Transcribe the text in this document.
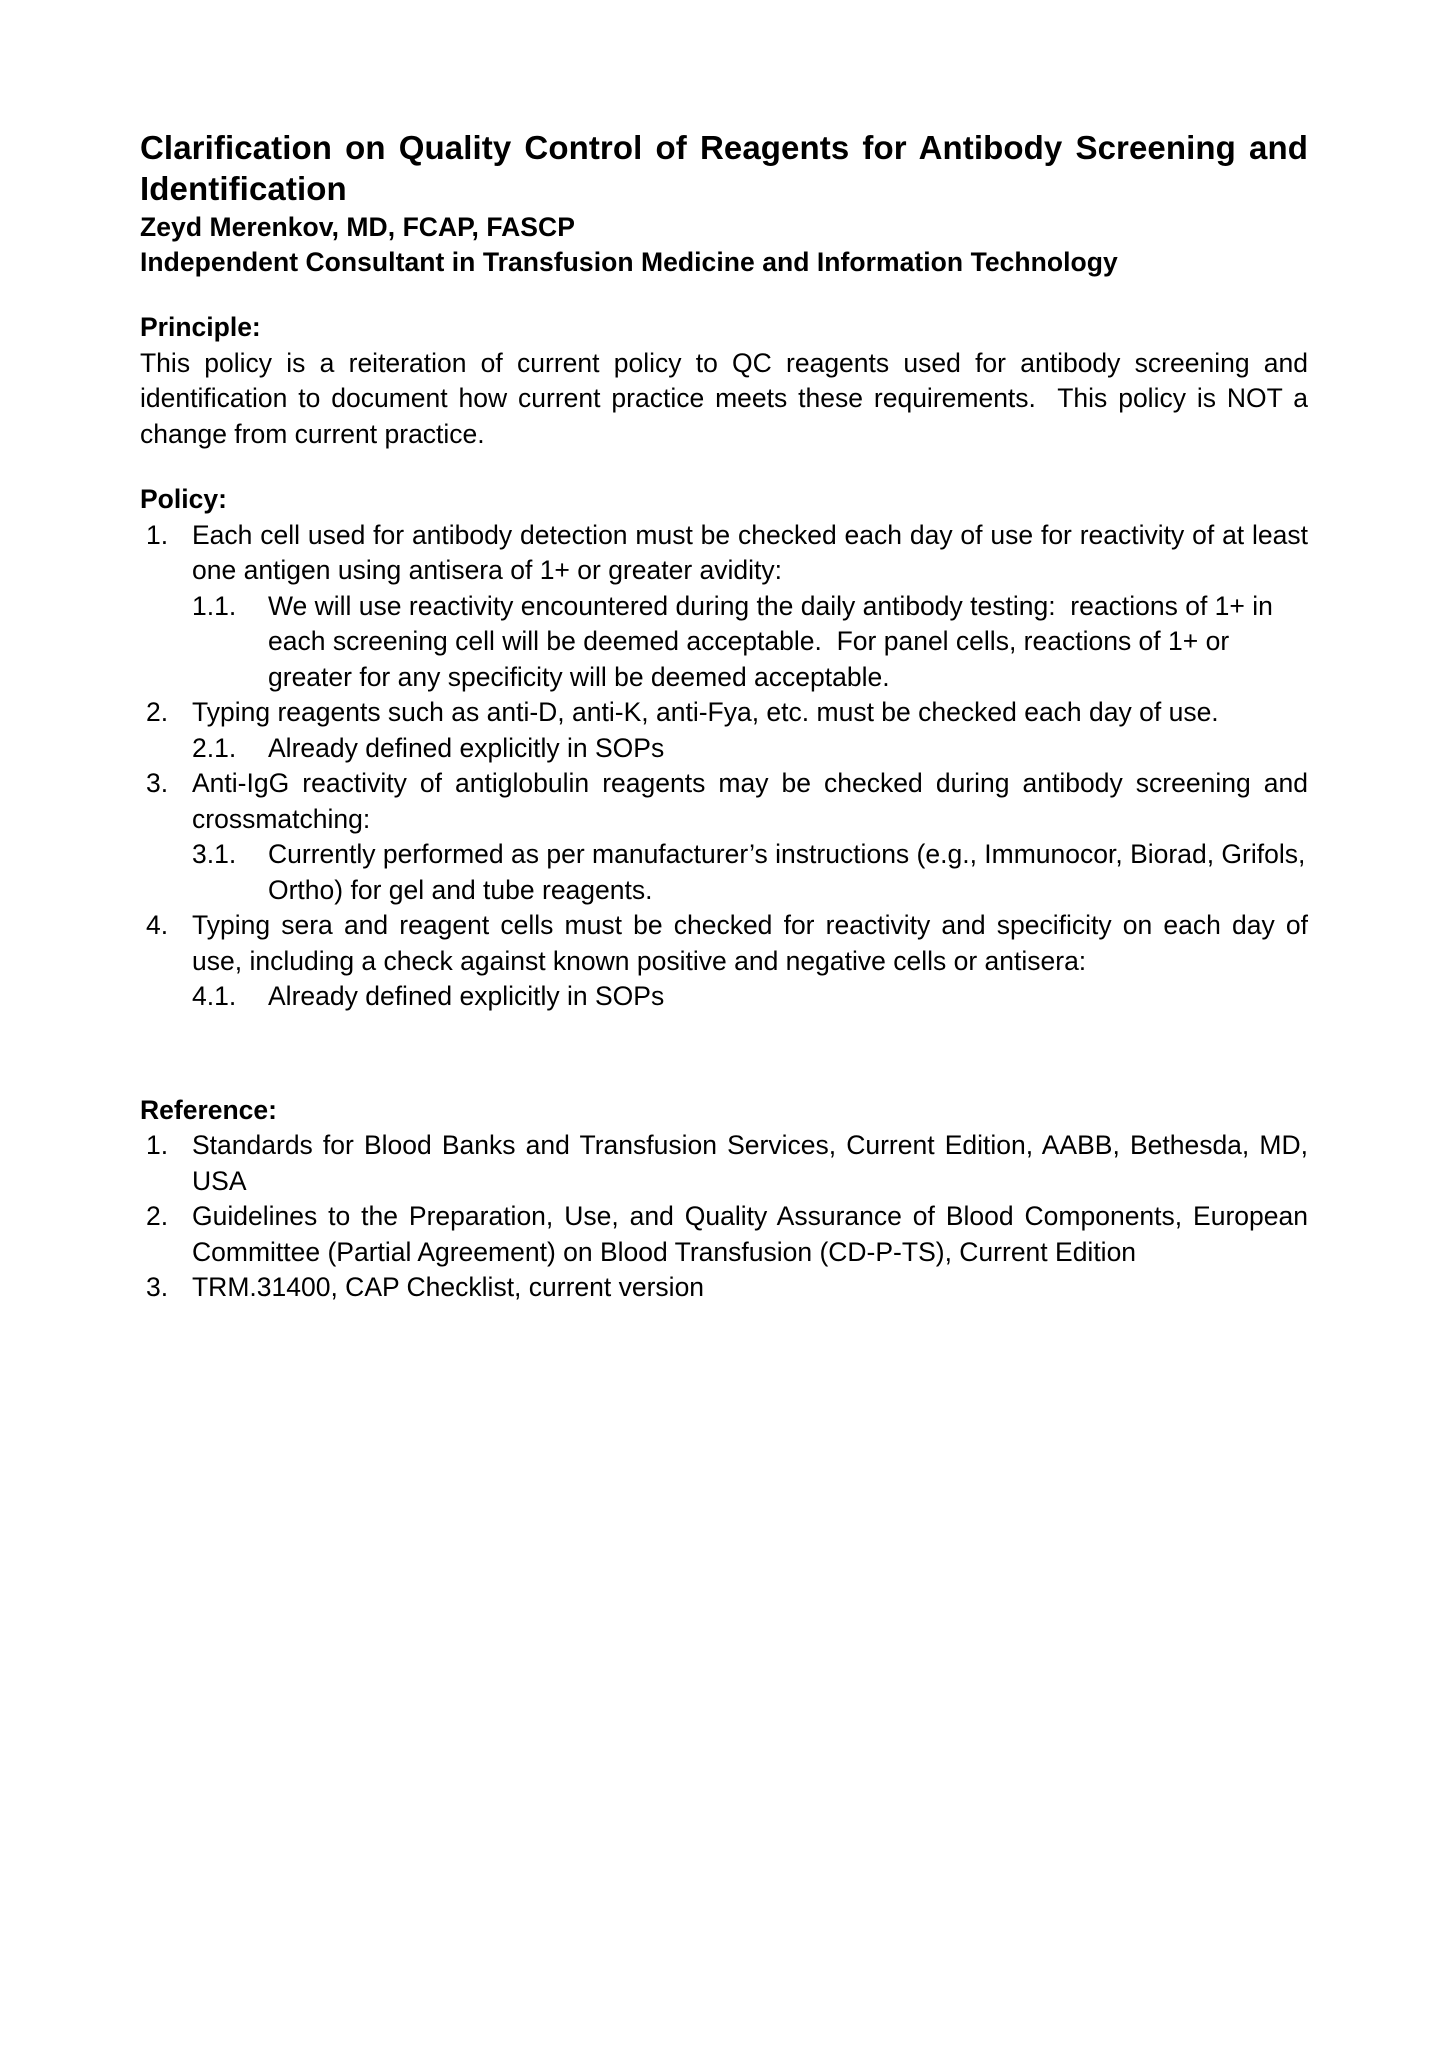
Clarification on Quality Control of Reagents for Antibody Screening and Identification
Zeyd Merenkov, MD, FCAP, FASCP
Independent Consultant in Transfusion Medicine and Information Technology
Principle:

This policy is a reiteration of current policy to QC reagents used for antibody screening and identification to document how current practice meets these requirements.  This policy is NOT a change from current practice.

Policy:
1. Each cell used for antibody detection must be checked each day of use for reactivity of at least one antigen using antisera of 1+ or greater avidity:
1.1.	We will use reactivity encountered during the daily antibody testing:  reactions of 1+ in each screening cell will be deemed acceptable.  For panel cells, reactions of 1+ or greater for any specificity will be deemed acceptable.
2. Typing reagents such as anti-D, anti-K, anti-Fya, etc. must be checked each day of use.
2.1.	Already defined explicitly in SOPs
3. Anti-IgG reactivity of antiglobulin reagents may be checked during antibody screening and crossmatching:
3.1.	Currently performed as per manufacturer’s instructions (e.g., Immunocor, Biorad, Grifols, Ortho) for gel and tube reagents.
4. Typing sera and reagent cells must be checked for reactivity and specificity on each day of use, including a check against known positive and negative cells or antisera:
4.1.	Already defined explicitly in SOPs
Reference:
1. Standards for Blood Banks and Transfusion Services, Current Edition, AABB, Bethesda, MD, USA
2. Guidelines to the Preparation, Use, and Quality Assurance of Blood Components, European Committee (Partial Agreement) on Blood Transfusion (CD-P-TS), Current Edition
3. TRM.31400, CAP Checklist, current version
